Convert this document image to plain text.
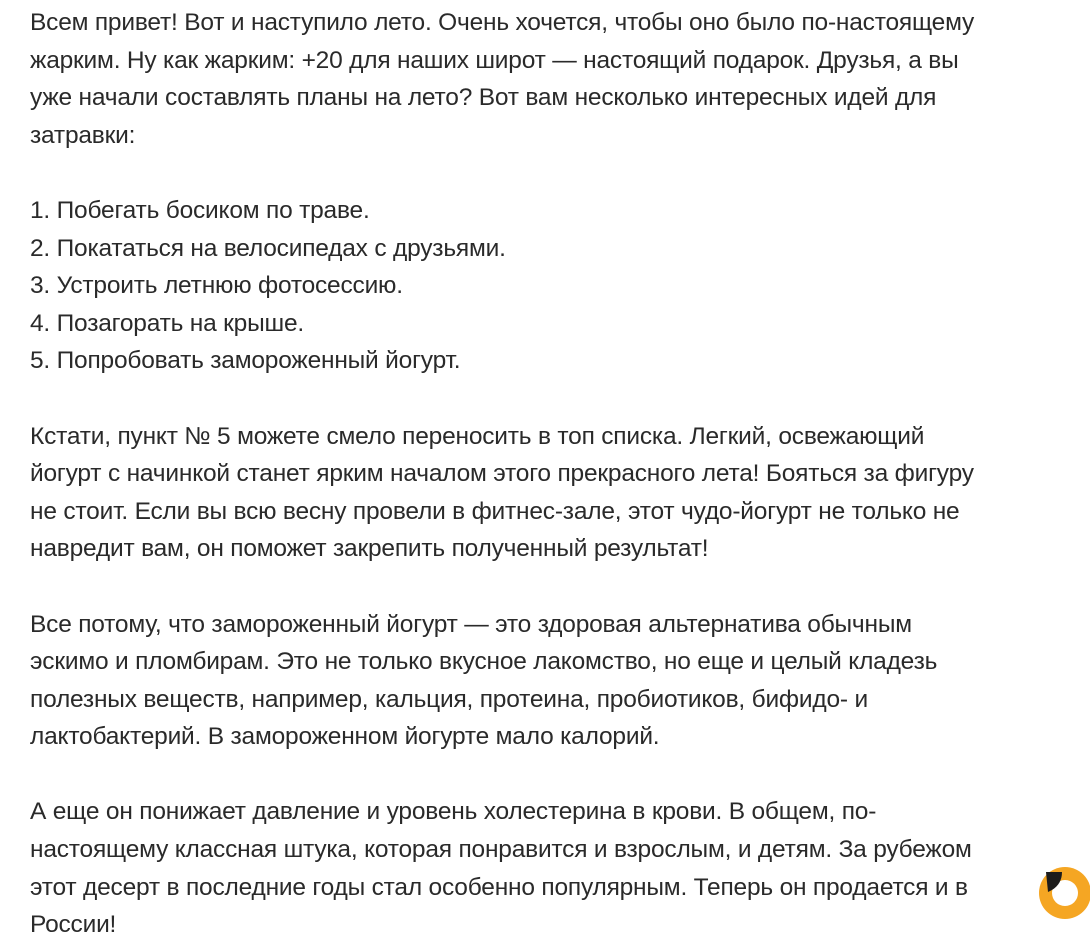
Всем привет! Вот и наступило лето. Очень хочется, чтобы оно было по-настоящему
жарким. Ну как жарким: +20 для наших широт — настоящий подарок. Друзья, а вы
уже начали составлять планы на лето? Вот вам несколько интересных идей для
затравки:

1. Побегать босиком по траве.
2. Покататься на велосипедах с друзьями.
3. Устроить летнюю фотосессию.
4. Позагорать на крыше.
5. Попробовать замороженный йогурт.

Кстати, пункт № 5 можете смело переносить в топ списка. Легкий, освежающий
йогурт с начинкой станет ярким началом этого прекрасного лета! Бояться за фигуру
не стоит. Если вы всю весну провели в фитнес-зале, этот чудо-йогурт не только не
навредит вам, он поможет закрепить полученный результат!

Все потому, что замороженный йогурт — это здоровая альтернатива обычным
эскимо и пломбирам. Это не только вкусное лакомство, но еще и целый кладезь
полезных веществ, например, кальция, протеина, пробиотиков, бифидо- и
лактобактерий. В замороженном йогурте мало калорий.

А еще он понижает давление и уровень холестерина в крови. В общем, по-
настоящему классная штука, которая понравится и взрослым, и детям. За рубежом
этот десерт в последние годы стал особенно популярным. Теперь он продается и в
России!
